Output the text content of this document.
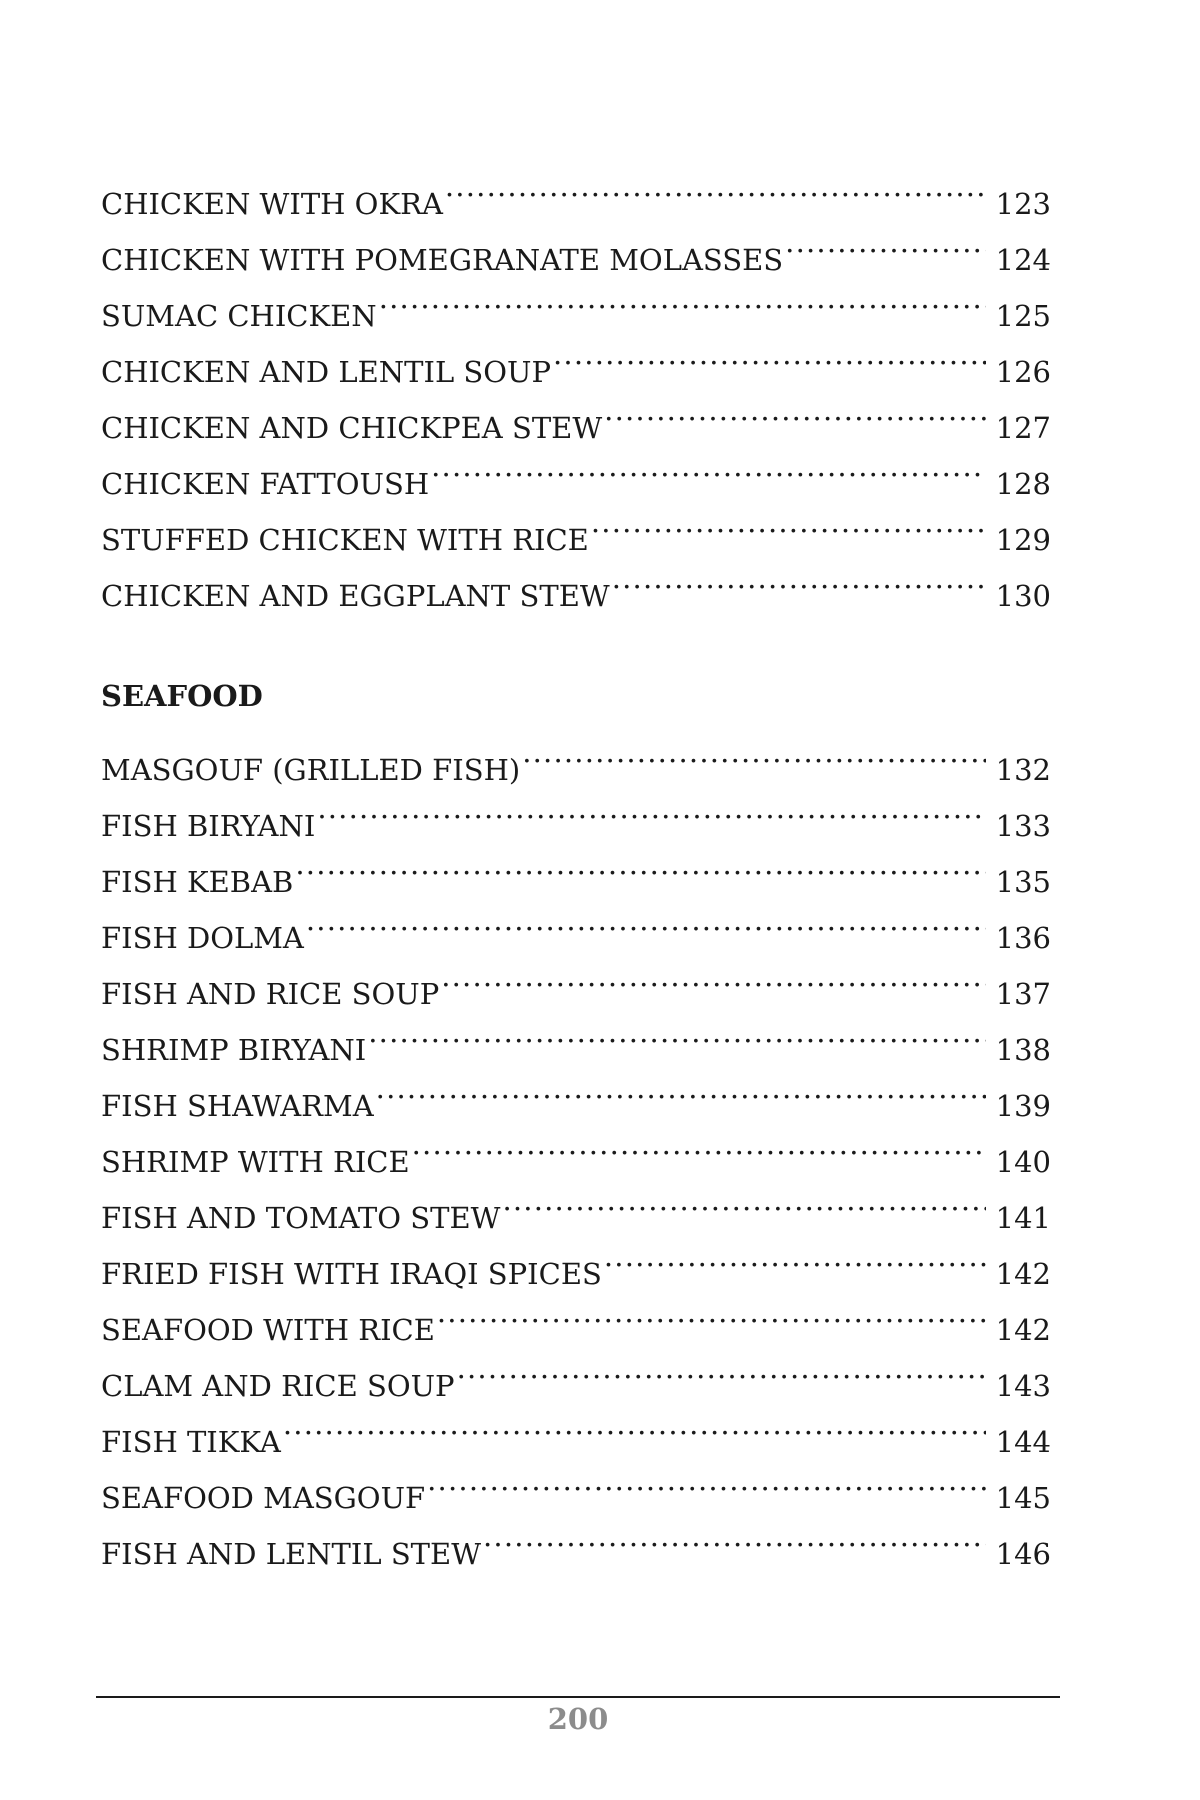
CHICKEN WITH OKRA .....	123
CHICKEN WITH POMEGRANATE MOLASSES .....	124
SUMAC CHICKEN .....	125
CHICKEN AND LENTIL SOUP .....	126
CHICKEN AND CHICKPEA STEW .....	127
CHICKEN FATTOUSH .....	128
STUFFED CHICKEN WITH RICE .....	129
CHICKEN AND EGGPLANT STEW .....	130
SEAFOOD
MASGOUF (GRILLED FISH) .....	132
FISH BIRYANI .....	133
FISH KEBAB .....	135
FISH DOLMA .....	136
FISH AND RICE SOUP .....	137
SHRIMP BIRYANI .....	138
FISH SHAWARMA .....	139
SHRIMP WITH RICE .....	140
FISH AND TOMATO STEW .....	141
FRIED FISH WITH IRAQI SPICES .....	142
SEAFOOD WITH RICE .....	142
CLAM AND RICE SOUP .....	143
FISH TIKKA .....	144
SEAFOOD MASGOUF .....	145
FISH AND LENTIL STEW .....	146
200
